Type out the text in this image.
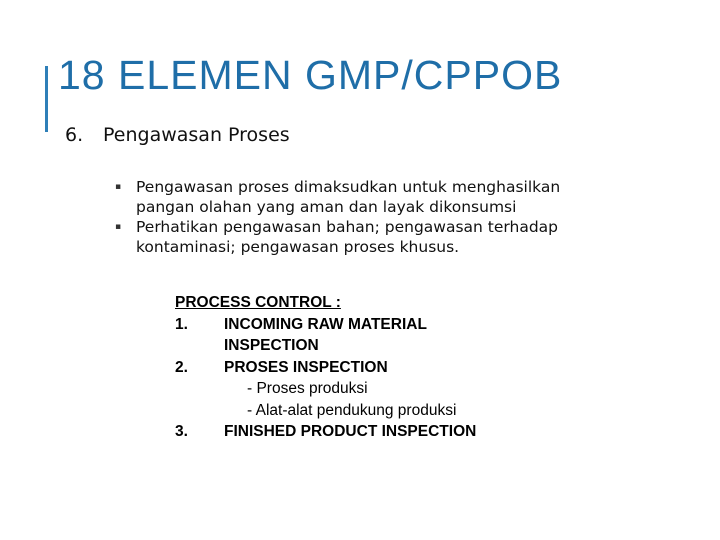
18 ELEMEN GMP/CPPOB
6. Pengawasan Proses
▪ Pengawasan proses dimaksudkan untuk menghasilkan pangan olahan yang aman dan layak dikonsumsi
▪ Perhatikan pengawasan bahan; pengawasan terhadap kontaminasi; pengawasan proses khusus.
PROCESS CONTROL :
1.	INCOMING RAW MATERIAL
INSPECTION
2.	PROSES INSPECTION
- Proses produksi
- Alat-alat pendukung produksi
3.	FINISHED PRODUCT INSPECTION
